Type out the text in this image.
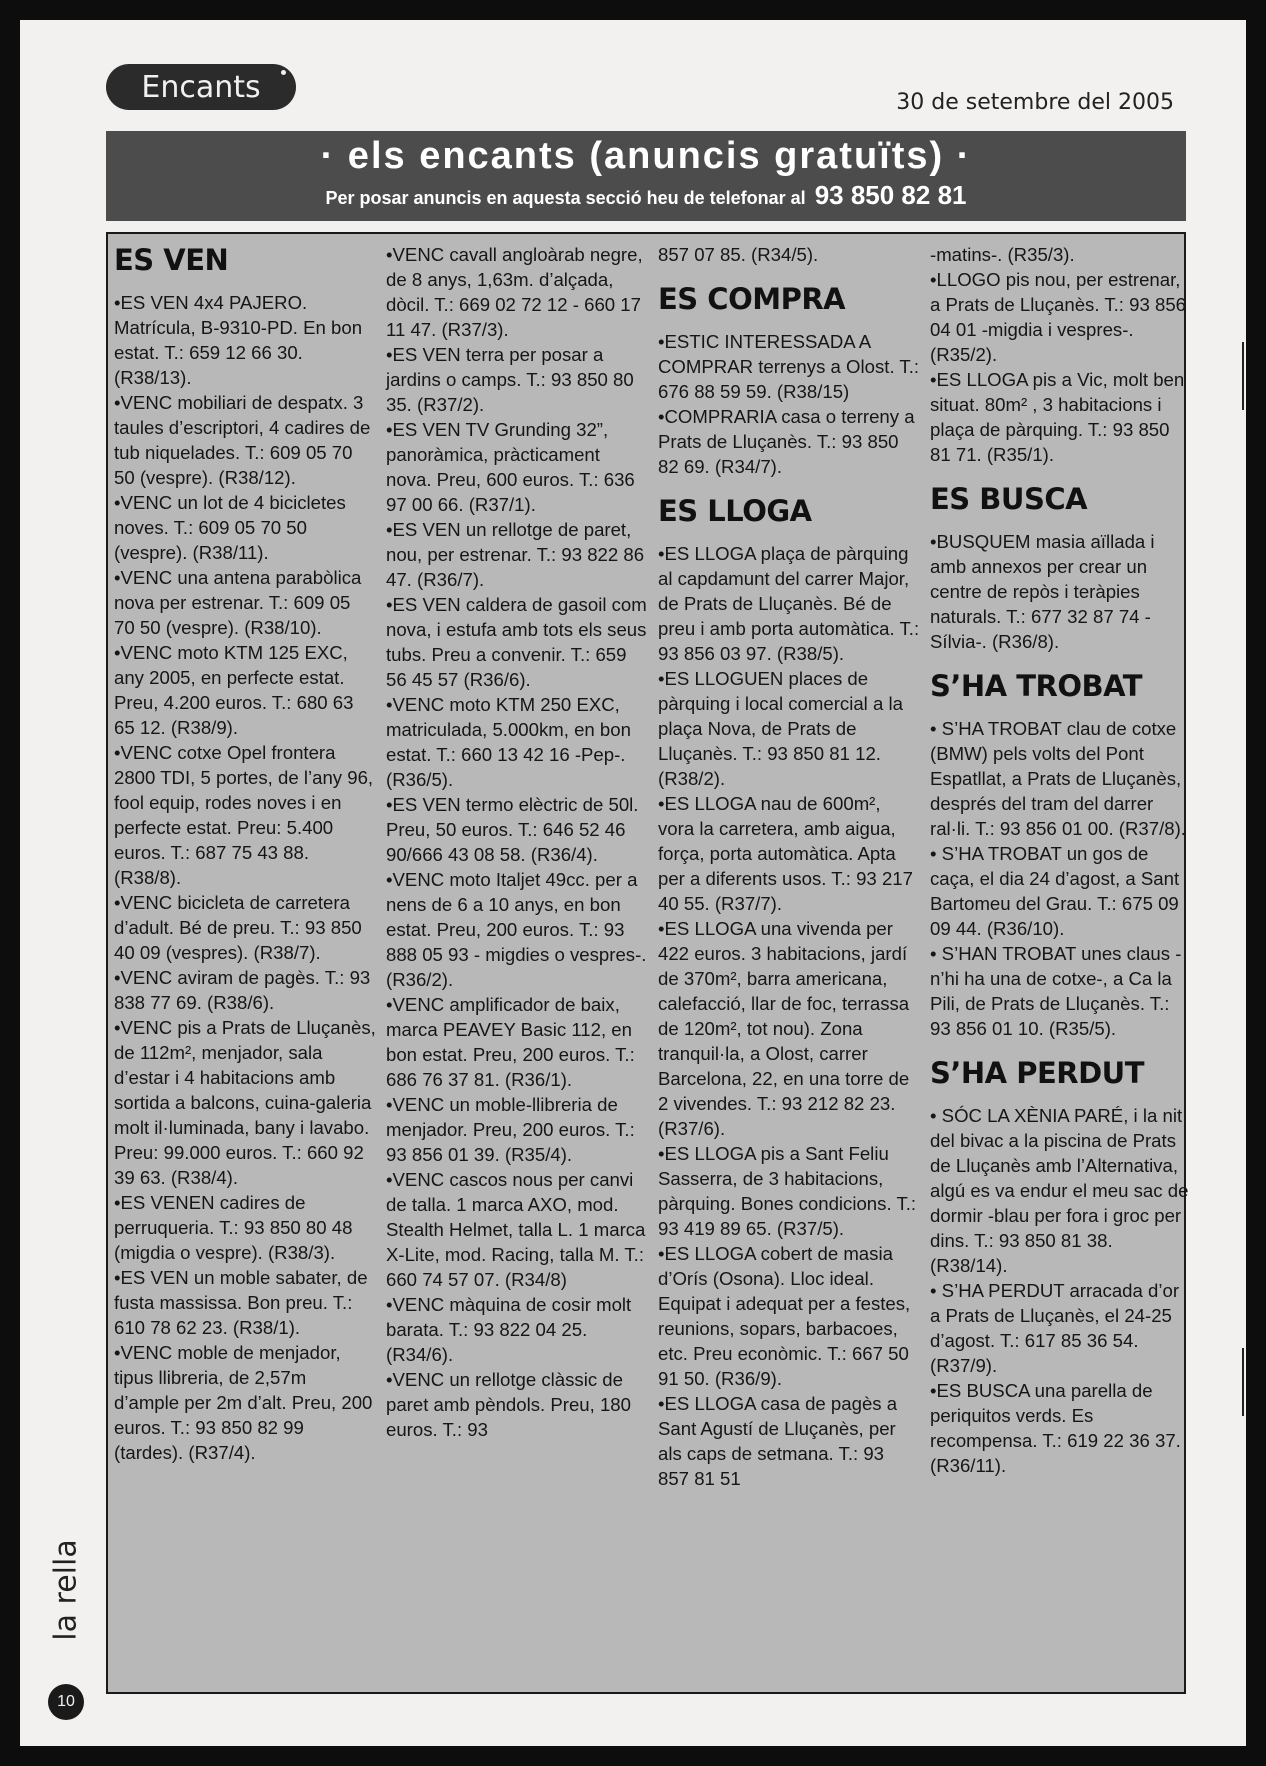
Encants	30 de setembre del 2005
· els encants (anuncis gratuïts) ·
Per posar anuncis en aquesta secció heu de telefonar al 93 850 82 81
ES VEN

•ES VEN 4x4 PAJERO. Matrícula, B-9310-PD. En bon estat. T.: 659 12 66 30. (R38/13).

•VENC mobiliari de despatx. 3 taules d’escriptori, 4 cadires de tub niquelades. T.: 609 05 70 50 (vespre). (R38/12).

•VENC un lot de 4 bicicletes noves. T.: 609 05 70 50 (vespre). (R38/11).

•VENC una antena parabòlica nova per estrenar. T.: 609 05 70 50 (vespre). (R38/10).

•VENC moto KTM 125 EXC, any 2005, en perfecte estat. Preu, 4.200 euros. T.: 680 63 65 12. (R38/9).

•VENC cotxe Opel frontera 2800 TDI, 5 portes, de l’any 96, fool equip, rodes noves i en perfecte estat. Preu: 5.400 euros. T.: 687 75 43 88. (R38/8).

•VENC bicicleta de carretera d’adult. Bé de preu. T.: 93 850 40 09 (vespres). (R38/7).

•VENC aviram de pagès. T.: 93 838 77 69. (R38/6).

•VENC pis a Prats de Lluçanès, de 112m², menjador, sala d’estar i 4 habitacions amb sortida a balcons, cuina-galeria molt il·luminada, bany i lavabo. Preu: 99.000 euros. T.: 660 92 39 63. (R38/4).

•ES VENEN cadires de perruqueria. T.: 93 850 80 48 (migdia o vespre). (R38/3).

•ES VEN un moble sabater, de fusta massissa. Bon preu. T.: 610 78 62 23. (R38/1).

•VENC moble de menjador, tipus llibreria, de 2,57m d’ample per 2m d’alt. Preu, 200 euros. T.: 93 850 82 99 (tardes). (R37/4).

•VENC cavall angloàrab negre, de 8 anys, 1,63m. d’alçada, dòcil. T.: 669 02 72 12 - 660 17 11 47. (R37/3).

•ES VEN terra per posar a jardins o camps. T.: 93 850 80 35. (R37/2).

•ES VEN TV Grunding 32”, panoràmica, pràcticament nova. Preu, 600 euros. T.: 636 97 00 66. (R37/1).

•ES VEN un rellotge de paret, nou, per estrenar. T.: 93 822 86 47. (R36/7).

•ES VEN caldera de gasoil com nova, i estufa amb tots els seus tubs. Preu a convenir. T.: 659 56 45 57 (R36/6).

•VENC moto KTM 250 EXC, matriculada, 5.000km, en bon estat. T.: 660 13 42 16 -Pep-. (R36/5).

•ES VEN termo elèctric de 50l. Preu, 50 euros. T.: 646 52 46 90/666 43 08 58. (R36/4).

•VENC moto Italjet 49cc. per a nens de 6 a 10 anys, en bon estat. Preu, 200 euros. T.: 93 888 05 93 - migdies o vespres-. (R36/2).

•VENC amplificador de baix, marca PEAVEY Basic 112, en bon estat. Preu, 200 euros. T.: 686 76 37 81. (R36/1).

•VENC un moble-llibreria de menjador. Preu, 200 euros. T.: 93 856 01 39. (R35/4).

•VENC cascos nous per canvi de talla. 1 marca AXO, mod. Stealth Helmet, talla L. 1 marca X-Lite, mod. Racing, talla M. T.: 660 74 57 07. (R34/8)

•VENC màquina de cosir molt barata. T.: 93 822 04 25. (R34/6).

•VENC un rellotge clàssic de paret amb pèndols. Preu, 180 euros. T.: 93

857 07 85. (R34/5).

ES COMPRA

•ESTIC INTERESSADA A COMPRAR terrenys a Olost. T.: 676 88 59 59. (R38/15)

•COMPRARIA casa o terreny a Prats de Lluçanès. T.: 93 850 82 69. (R34/7).

ES LLOGA

•ES LLOGA plaça de pàrquing al capdamunt del carrer Major, de Prats de Lluçanès. Bé de preu i amb porta automàtica. T.: 93 856 03 97. (R38/5).

•ES LLOGUEN places de pàrquing i local comercial a la plaça Nova, de Prats de Lluçanès. T.: 93 850 81 12. (R38/2).

•ES LLOGA nau de 600m², vora la carretera, amb aigua, força, porta automàtica. Apta per a diferents usos. T.: 93 217 40 55. (R37/7).

•ES LLOGA una vivenda per 422 euros. 3 habitacions, jardí de 370m², barra americana, calefacció, llar de foc, terrassa de 120m², tot nou). Zona tranquil·la, a Olost, carrer Barcelona, 22, en una torre de 2 vivendes. T.: 93 212 82 23. (R37/6).

•ES LLOGA pis a Sant Feliu Sasserra, de 3 habitacions, pàrquing. Bones condicions. T.: 93 419 89 65. (R37/5).

•ES LLOGA cobert de masia d’Orís (Osona). Lloc ideal. Equipat i adequat per a festes, reunions, sopars, barbacoes, etc. Preu econòmic. T.: 667 50 91 50. (R36/9).

•ES LLOGA casa de pagès a Sant Agustí de Lluçanès, per als caps de setmana. T.: 93 857 81 51

-matins-. (R35/3).

•LLOGO pis nou, per estrenar, a Prats de Lluçanès. T.: 93 856 04 01 -migdia i vespres-. (R35/2).

•ES LLOGA pis a Vic, molt ben situat. 80m² , 3 habitacions i plaça de pàrquing. T.: 93 850 81 71. (R35/1).

ES BUSCA

•BUSQUEM masia aïllada i amb annexos per crear un centre de repòs i teràpies naturals. T.: 677 32 87 74 -Sílvia-. (R36/8).

S’HA TROBAT

• S’HA TROBAT clau de cotxe (BMW) pels volts del Pont Espatllat, a Prats de Lluçanès, després del tram del darrer ral·li. T.: 93 856 01 00. (R37/8).

• S’HA TROBAT un gos de caça, el dia 24 d’agost, a Sant Bartomeu del Grau. T.: 675 09 09 44. (R36/10).

• S’HAN TROBAT unes claus -n’hi ha una de cotxe-, a Ca la Pili, de Prats de Lluçanès. T.: 93 856 01 10. (R35/5).

S’HA PERDUT

• SÓC LA XÈNIA PARÉ, i la nit del bivac a la piscina de Prats de Lluçanès amb l’Alternativa, algú es va endur el meu sac de dormir -blau per fora i groc per dins. T.: 93 850 81 38. (R38/14).

• S’HA PERDUT arracada d’or a Prats de Lluçanès, el 24-25 d’agost. T.: 617 85 36 54. (R37/9).

•ES BUSCA una parella de periquitos verds. Es recompensa. T.: 619 22 36 37. (R36/11).

la rella
10
